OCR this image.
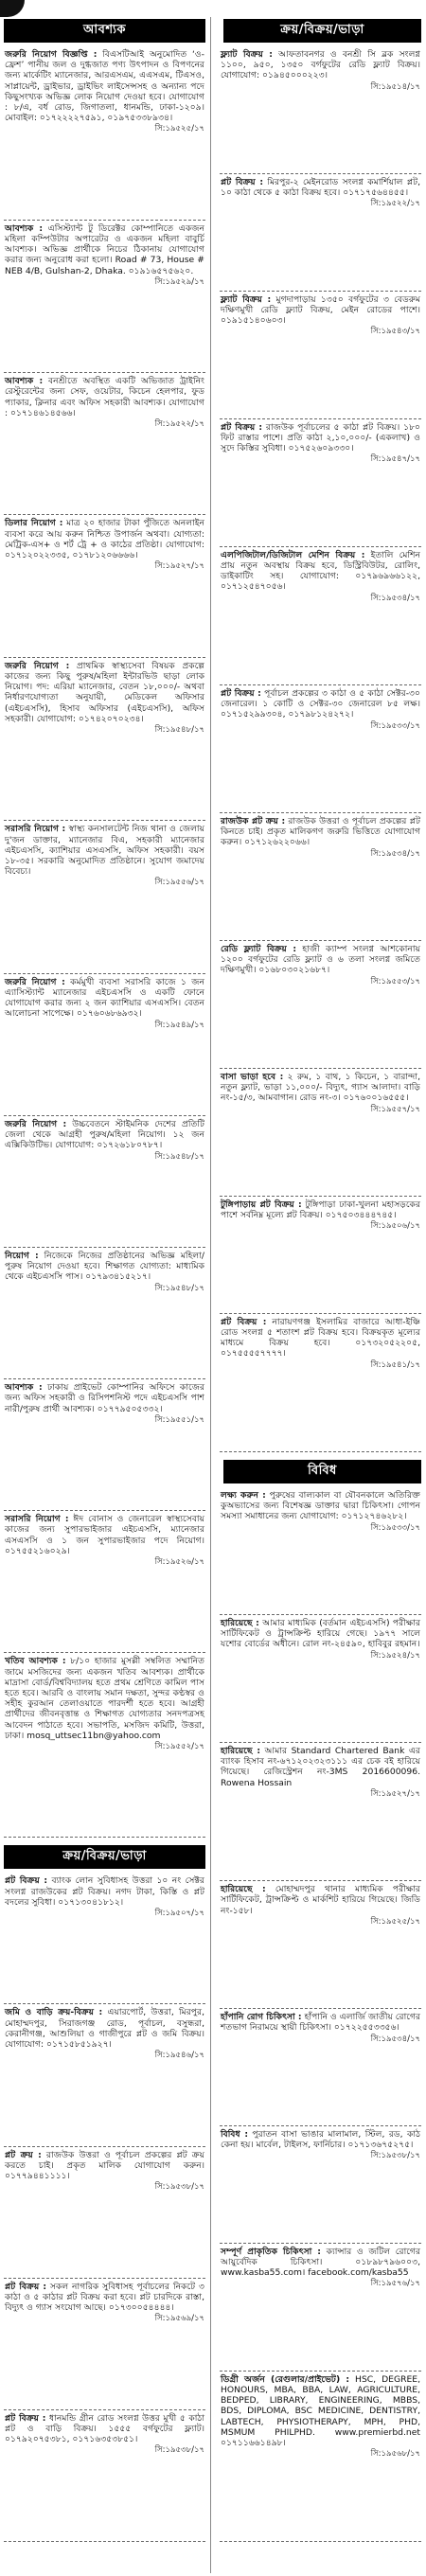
আবশ্যক
জরুরি নিয়োগ বিজ্ঞপ্তি : বিএসটিআই অনুমোদিত ‘ও-ফ্রেশ’ পানীয় জল ও দুগ্ধজাত পণ্য উৎপাদন ও বিপণনের জন্য মার্কেটিং ম্যানেজার, আরএসএম, এএসএম, টিএসও, সাপ্লায়েন্ট, ড্রাইভার, ড্রাইভিং লাইসেন্সসহ ও অন্যান্য পদে কিছুসংখ্যক অভিজ্ঞ লোক নিয়োগ দেওয়া হবে। যোগাযোগ : ৮/এ, বর্ধ রোড, জিগাতলা, ধানমন্ডি, ঢাকা-১২০৯। মোবাইল: ০১৭২২২২৭৫৯১, ০১৯৭৫৩৩৮৯৩৪।
সি:১৯৫২৫/১৭
আবশ্যক : এসিস্ট্যান্ট টু ডিরেক্টর কোম্পানিতে একজন মহিলা কম্পিউটার অপারেটর ও একজন মহিলা বাবুর্চি আবশ্যক। অভিজ্ঞ প্রার্থীকে নিচের ঠিকানায় যোগাযোগ করার জন্য অনুরোধ করা হলো। Road # 73, House # NEB 4/B, Gulshan-2, Dhaka. ০১৯১৬৫৭৫৬২০.
সি:১৯৫২৯/১৭
আবশ্যক : বনশ্রীতে অবস্থিত একটি অভিজাত ট্রাইনিং রেস্টুরেন্টের জন্য সেফ, ওয়েটার, কিচেন হেলপার, ফুড প্যাকার, ক্লিনার এবং অফিস সহকারী আবশ্যক। যোগাযোগ : ০১৭১৪৬১৪৫৬৬।
সি:১৯৫২২/১৭
ডিলার নিয়োগ : মাত্র ২০ হাজার টাকা পুঁজিতে অনলাইন ব্যবসা করে আয় করুন নিশ্চিত উপার্জন অথবা। যোগ্যতা: মেট্রিক-এস+ ও শর্ট ট্রে + ও কাঠের প্রতিষ্ঠা। যোগাযোগ: ০১৭১২০২২৩৩৫, ০১৭৮১২০৬৬৬৬।
সি:১৯৫২৭/১৭
জরুরি নিয়োগ : প্রাথমিক স্বাস্থ্যসেবা বিষয়ক প্রকল্পে কাজের জন্য কিছু পুরুষ/মহিলা ইন্টারভিউ ছাড়া লোক নিয়োগ। পদ: এরিয়া ম্যানেজার, বেতন ১৮,০০০/- অথবা নির্ধারণযোগ্যতা অনুযায়ী, মেডিকেল অফিসার (এইচএসসি), হিসাব অফিসার (এইচএসসি), অফিস সহকারী। যোগাযোগ: ০১৭৪২০৭০২৩৪।
সি:১৯৫৪৮/১৭
সরাসরি নিয়োগ : স্বাস্থ্য কনসালটেন্ট নিজ থানা ও জেলায় দু'জন ডাক্তার, ম্যানেজার বিএ, সহকারী ম্যানেজার এইচএসসি, ক্যাশিয়ার এসএসসি, অফিস সহকারী। বয়স ১৮-৩৫। সরকারি অনুমোদিত প্রতিষ্ঠানে। সুযোগ জমাদেয় বিবেচ্য।
সি:১৯৫৫৬/১৭
জরুরি নিয়োগ : কর্মমুখী ব্যবসা সরাসরি কাজে ১ জন এ্যাসিস্ট্যান্ট ম্যানেজার এইচএসসি ও একটি ফোনে যোগাযোগ করার জন্য ২ জন ক্যাশিয়ার এসএসসি। বেতন আলোচনা সাপেক্ষে। ০১৭৬০৬৮৬৯৩২।
সি:১৯৫৪৯/১৭
জরুরি নিয়োগ : উচ্চবেতনে স্টাইমনিক দেশের প্রতিটি জেলা থেকে আগ্রহী পুরুষ/মহিলা নিয়োগ। ১২ জন এক্সিকিউটিভ। যোগাযোগ: ০১৭২৬১৮০৭৮৭।
সি:১৯৫৪৮/১৭
নিয়োগ : নিজেকে নিজের প্রতিষ্ঠানের অভিজ্ঞ মহিলা/পুরুষ নিয়োগ দেওয়া হবে। শিক্ষাগত যোগ্যতা: মাধ্যমিক থেকে এইচএসসি পাস। ০১৭৯৩৪১৫২১৭।
সি:১৯৫৪৮/১৭
আবশ্যক : ঢাকায় প্রাইভেট কোম্পানির অফিসে কাজের জন্য অফিস সহকারী ও রিসিপশনিস্ট পদে এইচএসসি পাশ নারী/পুরুষ প্রার্থী আবশ্যক। ০১৭৭৯৫০৫৩৩২।
সি:১৯৫৫১/১৭
সরাসরি নিয়োগ : ঈদ বোনাস ও জেনারেল স্বাস্থ্যসেবায় কাজের জন্য সুপারভাইজার এইচএসসি, ম্যানেজার এসএসসি ও ১ জন সুপারভাইজার পদে নিয়োগ। ০১৭৫৫২১৬০২৯।
সি:১৯৫২৬/১৭
খতিব আবশ্যক : ৮/১০ হাজার মুসল্লী সম্বলিত সম্মানিত জামে মসজিদের জন্য একজন খতিব আবশ্যক। প্রার্থীকে মাদ্রাসা বোর্ড/বিশ্ববিদ্যালয় হতে প্রথম শ্রেণিতে কামিল পাস হতে হবে। আরবি ও বাংলায় সমান দক্ষতা, সুন্দর কণ্ঠস্বর ও সহীহ কুরআন তেলাওয়াতে পারদর্শী হতে হবে। আগ্রহী প্রার্থীদের জীবনবৃত্তান্ত ও শিক্ষাগত যোগ্যতার সনদপত্রসহ আবেদন পাঠাতে হবে। সভাপতি, মসজিদ কমিটি, উত্তরা, ঢাকা। mosq_uttsec11bn@yahoo.com
সি:১৯৫৫২/১৭
ক্রয়/বিক্রয়/ভাড়া
প্লট বিক্রয় : ব্যাংক লোন সুবিধাসহ উত্তরা ১০ নং সেক্টর সংলগ্ন রাজউকের প্লট বিক্রয়। নগদ টাকা, কিস্তি ও প্লট বদলের সুবিধা। ০১৭১৩০৪১৮১২।
সি:১৯৫০৭/১৭
জমি ও বাড়ি ক্রয়-বিক্রয় : এয়ারপোর্ট, উত্তরা, মিরপুর, মোহাম্মদপুর, সিরাজগঞ্জ রোড, পূর্বাচল, বসুন্ধরা, কেরানীগঞ্জ, আশুলিয়া ও গাজীপুরে প্লট ও জমি বিক্রয়। যোগাযোগ: ০১৭১৫৮৫১৯২৭।
সি:১৯৫৪৬/১৭
প্লট ক্রয় : রাজউক উত্তরা ও পূর্বাচল প্রকল্পের প্লট ক্রয় করতে চাই। প্রকৃত মালিক যোগাযোগ করুন। ০১৭৭৯৪৪১১১১।
সি:১৯৫৩৮/১৭
প্লট বিক্রয় : সকল নাগরিক সুবিধাসহ পূর্বাচলের নিকটে ৩ কাঠা ও ৫ কাঠার প্লট বিক্রয় করা হবে। প্লট চারদিকে রাস্তা, বিদ্যুৎ ও গ্যাস সংযোগ আছে। ০১৭৩০০৫৪৪৪৪।
সি:১৯৫৬৯/১৭
প্লট বিক্রয় : ধানমন্ডি গ্রীন রোড সংলগ্ন উত্তর মুখী ৫ কাঠা প্লট ও বাড়ি বিক্রয়। ১৫৫৫ বর্গফুটের ফ্ল্যাট। ০১৭৯২০৭৫৩৮১, ০১৭১৬৩৫৩৮৫১।
সি:১৯৫৩৮/১৭
ক্রয়/বিক্রয়/ভাড়া
ফ্ল্যাট বিক্রয় : আফতাবনগর ও বনশ্রী সি ব্লক সংলগ্ন ১১০০, ৯৫০, ১৩৫০ বর্গফুটের রেডি ফ্ল্যাট বিক্রয়। যোগাযোগ: ০১৯৪৫০০০২২৩।
সি:১৯৫১৪/১৭
প্লট বিক্রয় : মিরপুর-২ মেইনরোড সংলগ্ন কমার্শিয়াল প্লট, ১০ কাঠা থেকে ৫ কাঠা বিক্রয় হবে। ০১৭১৭৫৬৪৪৫৫।
সি:১৯৫২২/১৭
ফ্ল্যাট বিক্রয় : মুগদাপাড়ায় ১৩৫০ বর্গফুটের ৩ বেডরুম দক্ষিণমুখী রেডি ফ্ল্যাট বিক্রয়, মেইন রোডের পাশে। ০১৯১৫১৪০৬০৩।
সি:১৯৫৪৩/১৭
প্লট বিক্রয় : রাজউক পূর্বাচলের ৫ কাঠা প্লট বিক্রয়। ১৮০ ফিট রাস্তার পাশে। প্রতি কাঠা ২,১০,০০০/- (একলাখ) ও সুদে কিস্তির সুবিধা। ০১৭৫২৬০৯৩৩০।
সি:১৯৫৪৭/১৭
এলপিজিটাল/ডিজিটাল মেশিন বিক্রয় : ইতালি মেশিন প্রায় নতুন অবস্থায় বিক্রয় হবে, ডিস্ট্রিবিউটর, রোলিং, ডাইকাটিং সহ। যোগাযোগ: ০১৭৯৬৯৬৬১২২, ০১৭১২৫৪৭০৫৬।
সি:১৯৫৩৪/১৭
প্লট বিক্রয় : পূর্বাচল প্রকল্পের ৩ কাঠা ও ৫ কাঠা সেক্টর-৩০ জেনারেল। ১ কোটি ও সেক্টর-৩০ জেনারেল ৮৫ লক্ষ। ০১৭১৫২৯৯৩০৪, ০১৭৯৮১২৪২৭২।
সি:১৯৫৩৩/১৭
রাজউক প্লট ক্রয় : রাজউক উত্তরা ও পূর্বাচল প্রকল্পের প্লট কিনতে চাই। প্রকৃত মালিকগণ জরুরি ভিত্তিতে যোগাযোগ করুন। ০১৭১২৬২২০৬৬।
সি:১৯৫৩৪/১৭
রেডি ফ্ল্যাট বিক্রয় : হাজী ক্যাম্প সংলগ্ন আশকোনায় ১২০০ বর্গফুটের রেডি ফ্ল্যাট ও ৬ তলা সংলগ্ন জমিতে দক্ষিণমুখী। ০১৬৮০৩০২১৬৮৭।
সি:১৯৫৫৩/১৭
বাসা ভাড়া হবে : ২ রুম, ১ বাথ, ১ কিচেন, ১ বারান্দা, নতুন ফ্ল্যাট, ভাড়া ১১,০০০/- বিদ্যুৎ, গ্যাস আলাদা। বাড়ি নং-১৫/৩, আমবাগান। রোড নং-৩। ০১৭৬০০১৬৫৫৫।
সি:১৯৫৫৭/১৭
টুঙ্গিপাড়ায় প্লট বিক্রয় : টুঙ্গিপাড়া ঢাকা-খুলনা মহাসড়কের পাশে সর্বনিম্ন মূল্যে প্লট বিক্রয়। ০১৭৫০৩৪৪৪৭৪৫।
সি:১৯৫০৬/১৭
প্লট বিক্রয় : নারায়ণগঞ্জ ইসলামির বাজারে আধা-ইঞ্চি রোড সংলগ্ন ৫ শতাংশ প্লট বিক্রয় হবে। বিক্রয়কৃত মূল্যের মাধ্যমে বিক্রয় হবে। ০১৭৩২০৫২২০৫, ০১৭৫৫৫৫৭৭৭৭।
সি:১৯৫৪১/১৭
বিবিধ
লক্ষ্য করুন : পুরুষের বাল্যকাল বা যৌবনকালে অতিরিক্ত কুঅভ্যাসের জন্য বিশেষজ্ঞ ডাক্তার দ্বারা চিকিৎসা। গোপন সমস্যা সমাধানের জন্য যোগাযোগ: ০১৭১২৭৪৬২৮২।
সি:১৯৫৩৩/১৭
হারিয়েছে : আমার মাধ্যমিক (বর্তমান এইচএসসি) পরীক্ষার সার্টিফিকেট ও ট্রান্সক্রিপ্ট হারিয়ে গেছে। ১৯৭৭ সালে যশোর বোর্ডের অধীনে। রোল নং-২৪৫৯০, হাবিবুর রহমান।
সি:১৯৫২৪/১৭
হারিয়েছে : আমার Standard Chartered Bank এর ব্যাংক হিসাব নং-৬৭১২০২৩২৩১১১ এর চেক বই হারিয়ে গিয়েছে। রেজিস্ট্রেশন নং-3MS 2016600096. Rowena Hossain
সি:১৯৫২৭/১৭
হারিয়েছে : মোহাম্মদপুর থানার মাধ্যমিক পরীক্ষার সার্টিফিকেট, ট্রান্সক্রিপ্ট ও মার্কশিট হারিয়ে গিয়েছে। জিডি নং-১৫৮।
সি:১৯৫২৫/১৭
হাঁপানি রোগ চিকিৎসা : হাঁপানি ও এলার্জি জাতীয় রোগের শতভাগ নিরাময়ে স্থায়ী চিকিৎসা। ০১৭২২৫৫৩৩৫৬।
সি:১৯৫৩৪/১৭
বিবিধ : পুরাতন বাসা ভাঙার মালামাল, স্টিল, রড, কাঠ কেনা হয়। মার্বেল, টাইলস, ফার্নিচার। ০১৭১৩৬৭৫২৭৫।
সি:১৯৫৩৮/১৭
সম্পূর্ণ প্রাকৃতিক চিকিৎসা : ক্যান্সার ও জটিল রোগের আয়ুর্বেদিক চিকিৎসা। ০১৮৯৮৭৯৬০০৩, www.kasba55.com। facebook.com/kasba55
সি:১৯৫৭৬/১৭
ডিগ্রী অর্জন (রেগুলার/প্রাইভেট) : HSC, DEGREE, HONOURS, MBA, BBA, LAW, AGRICULTURE, BEDPED, LIBRARY, ENGINEERING, MBBS, BDS, DIPLOMA, BSC MEDICINE, DENTISTRY, LABTECH, PHYSIOTHERAPY, MPH, PHD, MSMUM PHILPHD. www.premierbd.net ০১৭১১৬৬১৪৯৮।
সি:১৯৫৬৮/১৭
